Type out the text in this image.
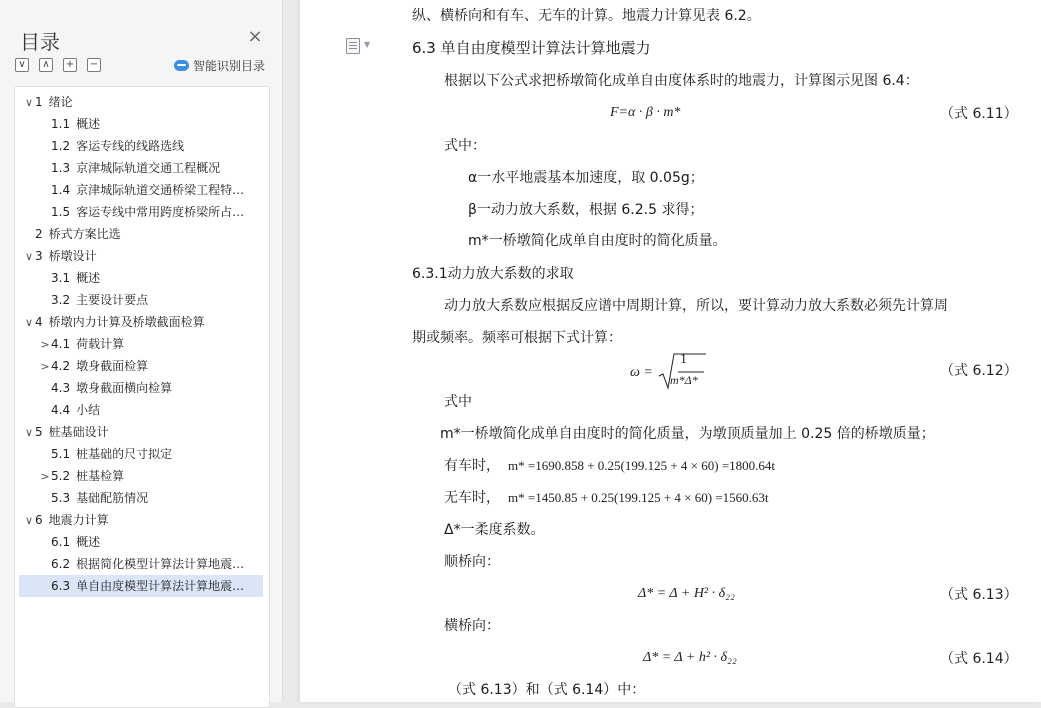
目录	×
∨	∧	+ −	智能识别目录
∨ 1 绪论
1.1 概述
1.2 客运专线的线路选线
1.3 京津城际轨道交通工程概况
1.4 京津城际轨道交通桥梁工程特…
1.5 客运专线中常用跨度桥梁所占…
2 桥式方案比选
∨ 3 桥墩设计
3.1 概述
3.2 主要设计要点
∨ 4 桥墩内力计算及桥墩截面检算
>4.1 荷载计算
>4.2 墩身截面检算
4.3 墩身截面横向检算
4.4 小结
∨ 5 桩基础设计
5.1 桩基础的尺寸拟定
>5.2 桩基检算
5.3 基础配筋情况
∨ 6 地震力计算
6.1 概述
6.2 根据简化模型计算法计算地震…
6.3 单自由度模型计算法计算地震…
▼
纵、横桥向和有车、无车的计算。地震力计算见表 6.2。
6.3 单自由度模型计算法计算地震力
根据以下公式求把桥墩简化成单自由度体系时的地震力，计算图示见图 6.4：
F=α · β · m*	（式 6.11）
式中：
α一水平地震基本加速度，取 0.05g；
β一动力放大系数，根据 6.2.5 求得；
m*一桥墩简化成单自由度时的简化质量。
6.3.1动力放大系数的求取
动力放大系数应根据反应谱中周期计算，所以，要计算动力放大系数必须先计算周
期或频率。频率可根据下式计算：
ω =
1
m*Δ*
（式 6.12）
式中
m*一桥墩简化成单自由度时的简化质量，为墩顶质量加上 0.25 倍的桥墩质量；
有车时， m* =1690.858 + 0.25(199.125 + 4 × 60) =1800.64t
无车时， m* =1450.85 + 0.25(199.125 + 4 × 60) =1560.63t
Δ*一柔度系数。
顺桥向：
Δ* = Δ + H² · δ₂₂	（式 6.13）
横桥向：
Δ* = Δ + h² · δ₂₂	（式 6.14）
（式 6.13）和（式 6.14）中：
